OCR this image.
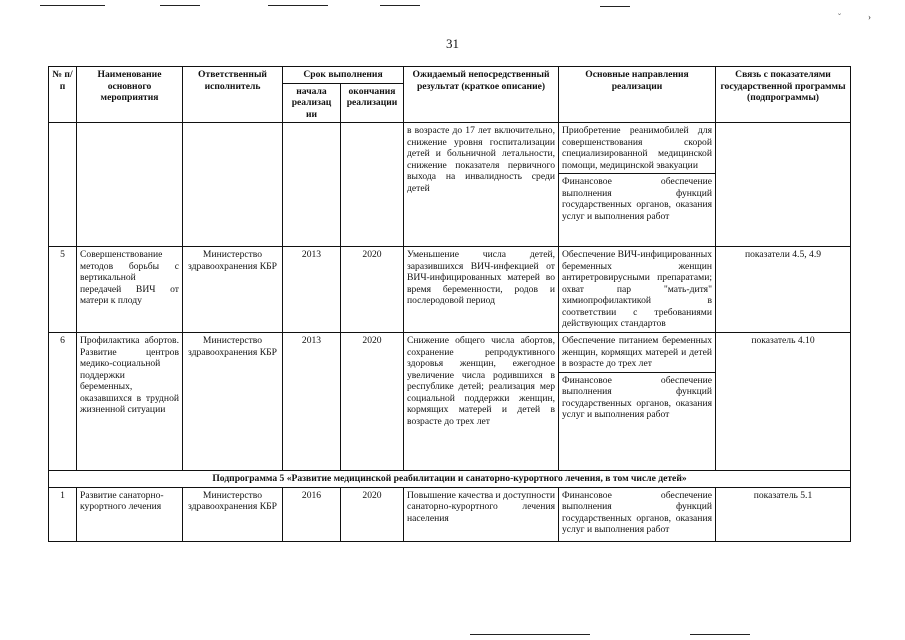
˘	›
31
№ п/п	Наименование основного мероприятия	Ответственный исполнитель	Срок выполнения		Ожидаемый непосредственный результат (краткое описание)	Основные направления реализации	Связь с показателями государственной программы (подпрограммы)
			начала реализац ии	окончания реализации			
					в возрасте до 17 лет включительно, снижение уровня госпитализации детей и больничной летальности, снижение показателя первичного выхода на инвалидность среди детей	Приобретение реанимобилей для совершенствования скорой специализированной медицинской помощи, медицинской эвакуации
Финансовое обеспечение выполнения функций государственных органов, оказания услуг и выполнения работ	

5	Совершенствование методов борьбы с вертикальной передачей ВИЧ от матери к плоду	Министерство здравоохранения КБР	2013	2020	Уменьшение числа детей, заразившихся ВИЧ-инфекцией от ВИЧ-инфицированных матерей во время беременности, родов и послеродовой период	Обеспечение ВИЧ-инфицированных беременных женщин антиретровирусными препаратами; охват пар "мать-дитя" химиопрофилактикой в соответствии с требованиями действующих стандартов	показатели 4.5, 4.9
6	Профилактика абортов. Развитие центров медико-социальной поддержки беременных, оказавшихся в трудной жизненной ситуации	Министерство здравоохранения КБР	2013	2020	Снижение общего числа абортов, сохранение репродуктивного здоровья женщин, ежегодное увеличение числа родившихся в республике детей; реализация мер социальной поддержки женщин, кормящих матерей и детей в возрасте до трех лет	Обеспечение питанием беременных женщин, кормящих матерей и детей в возрасте до трех лет
Финансовое обеспечение выполнения функций государственных органов, оказания услуг и выполнения работ	показатель 4.10
Подпрограмма 5 «Развитие медицинской реабилитации и санаторно-курортного лечения, в том числе детей»							
1	Развитие санаторно-курортного лечения	Министерство здравоохранения КБР	2016	2020	Повышение качества и доступности санаторно-курортного лечения населения	Финансовое обеспечение выполнения функций государственных органов, оказания услуг и выполнения работ	показатель 5.1
